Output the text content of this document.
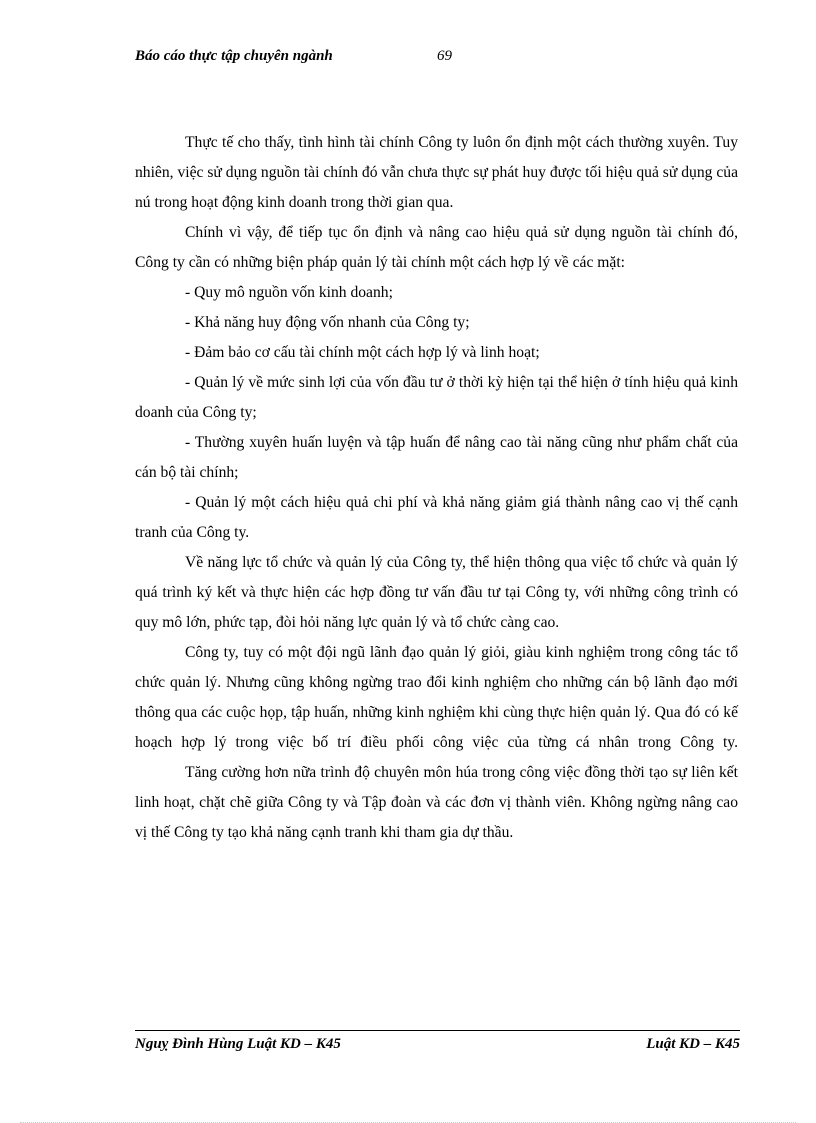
Báo cáo thực tập chuyên ngành	69

Thực tế cho thấy, tình hình tài chính Công ty luôn ổn định một cách thường xuyên. Tuy nhiên, việc sử dụng nguồn tài chính đó vẫn chưa thực sự phát huy được tối hiệu quả sử dụng của nú trong hoạt động kinh doanh trong thời gian qua.

Chính vì vậy, để tiếp tục ổn định và nâng cao hiệu quả sử dụng nguồn tài chính đó, Công ty cần có những biện pháp quản lý tài chính một cách hợp lý về các mặt:

- Quy mô nguồn vốn kinh doanh;

- Khả năng huy động vốn nhanh của Công ty;

- Đảm bảo cơ cấu tài chính một cách hợp lý và linh hoạt;

- Quản lý về mức sinh lợi của vốn đầu tư ở thời kỳ hiện tại thể hiện ở tính hiệu quả kinh doanh của Công ty;

- Thường xuyên huấn luyện và tập huấn để nâng cao tài năng cũng như phẩm chất của cán bộ tài chính;

- Quản lý một cách hiệu quả chi phí và khả năng giảm giá thành nâng cao vị thế cạnh tranh của Công ty.

Về năng lực tổ chức và quản lý của Công ty, thể hiện thông qua việc tổ chức và quản lý quá trình ký kết và thực hiện các hợp đồng tư vấn đầu tư tại Công ty, với những công trình có quy mô lớn, phức tạp, đòi hỏi năng lực quản lý và tổ chức càng cao.

Công ty, tuy có một đội ngũ lãnh đạo quản lý giỏi, giàu kinh nghiệm trong công tác tổ chức quản lý. Nhưng cũng không ngừng trao đổi kinh nghiệm cho những cán bộ lãnh đạo mới thông qua các cuộc họp, tập huấn, những kinh nghiệm khi cùng thực hiện quản lý. Qua đó có kế hoạch hợp lý trong việc bố trí điều phối công việc của từng cá nhân trong Công ty.

Tăng cường hơn nữa trình độ chuyên môn húa trong công việc đồng thời tạo sự liên kết linh hoạt, chặt chẽ giữa Công ty và Tập đoàn và các đơn vị thành viên. Không ngừng nâng cao vị thế Công ty tạo khả năng cạnh tranh khi tham gia dự thầu.

Nguỵ Đình Hùng Luật KD – K45	Luật KD – K45
